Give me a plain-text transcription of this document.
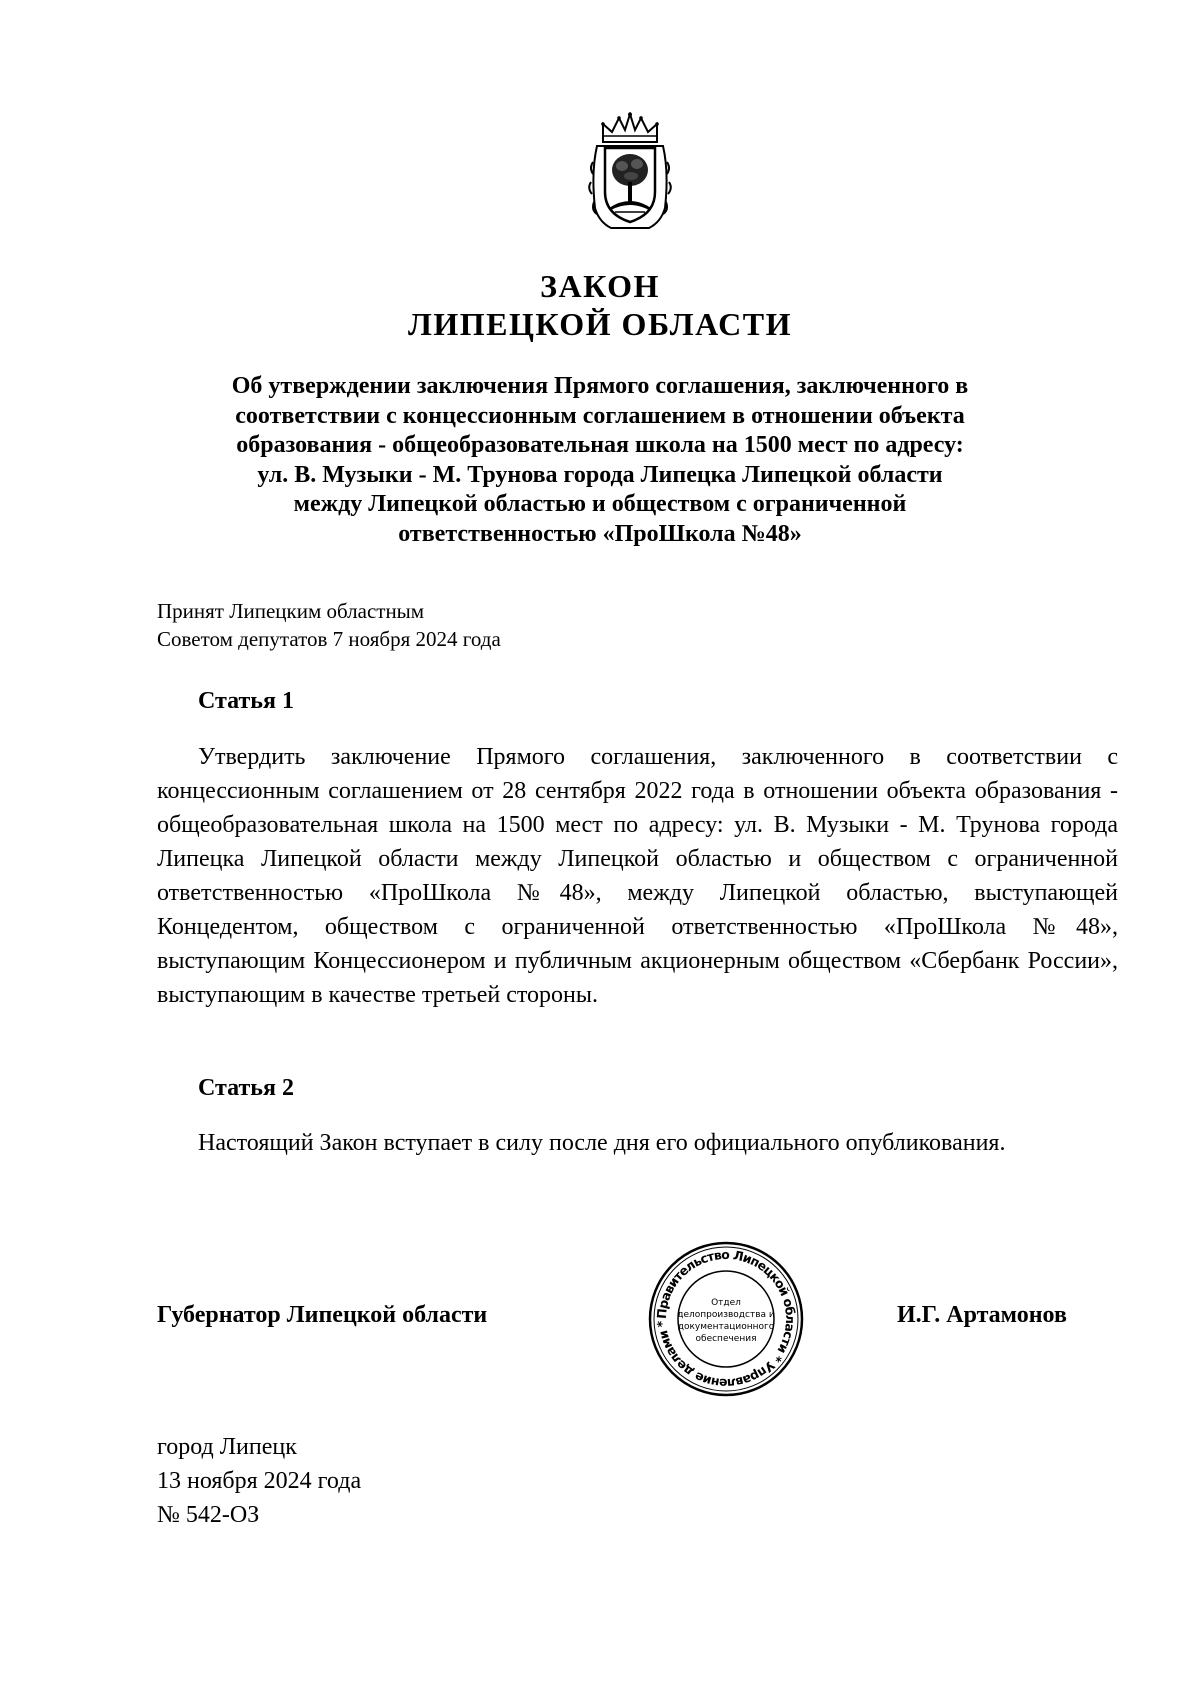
ЗАКОН
ЛИПЕЦКОЙ ОБЛАСТИ
Об утверждении заключения Прямого соглашения, заключенного в
соответствии с концессионным соглашением в отношении объекта
образования - общеобразовательная школа на 1500 мест по адресу:
ул. В. Музыки - М. Трунова города Липецка Липецкой области
между Липецкой областью и обществом с ограниченной
ответственностью «ПроШкола №48»
Принят Липецким областным
Советом депутатов 7 ноября 2024 года
Статья 1

Утвердить заключение Прямого соглашения, заключенного в соответствии с концессионным соглашением от 28 сентября 2022 года в отношении объекта образования - общеобразовательная школа на 1500 мест по адресу: ул. В. Музыки - М. Трунова города Липецка Липецкой области между Липецкой областью и обществом с ограниченной ответственностью «ПроШкола №48», между Липецкой областью, выступающей Концедентом, обществом с ограниченной ответственностью «ПроШкола №48», выступающим Концессионером и публичным акционерным обществом «Сбербанк России», выступающим в качестве третьей стороны.

Статья 2

Настоящий Закон вступает в силу после дня его официального опубликования.

Губернатор Липецкой области	Правительство Липецкой области * Управление делами *
Отдел
делопроизводства и
документационного
обеспечения
И.Г. Артамонов
город Липецк
13 ноября 2024 года
№ 542-ОЗ
